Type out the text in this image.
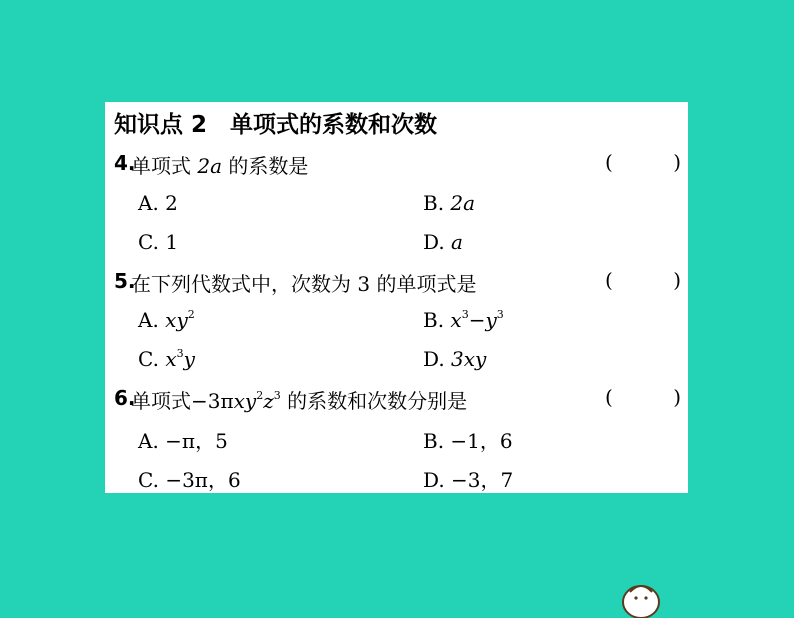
知识点 2　单项式的系数和次数
4.
单项式 2a 的系数是	(	)
A. 2	B. 2a
C. 1	D. a
5.
在下列代数式中，次数为 3 的单项式是	(	)
A. $xy^2$	B. $x^3-y^3$
C. $x^3y$	D. 3xy
6.
单项式$-3\pi xy^2z^3$ 的系数和次数分别是	(	)
A. −π，5	B. −1，6
C. −3π，6	D. −3，7
